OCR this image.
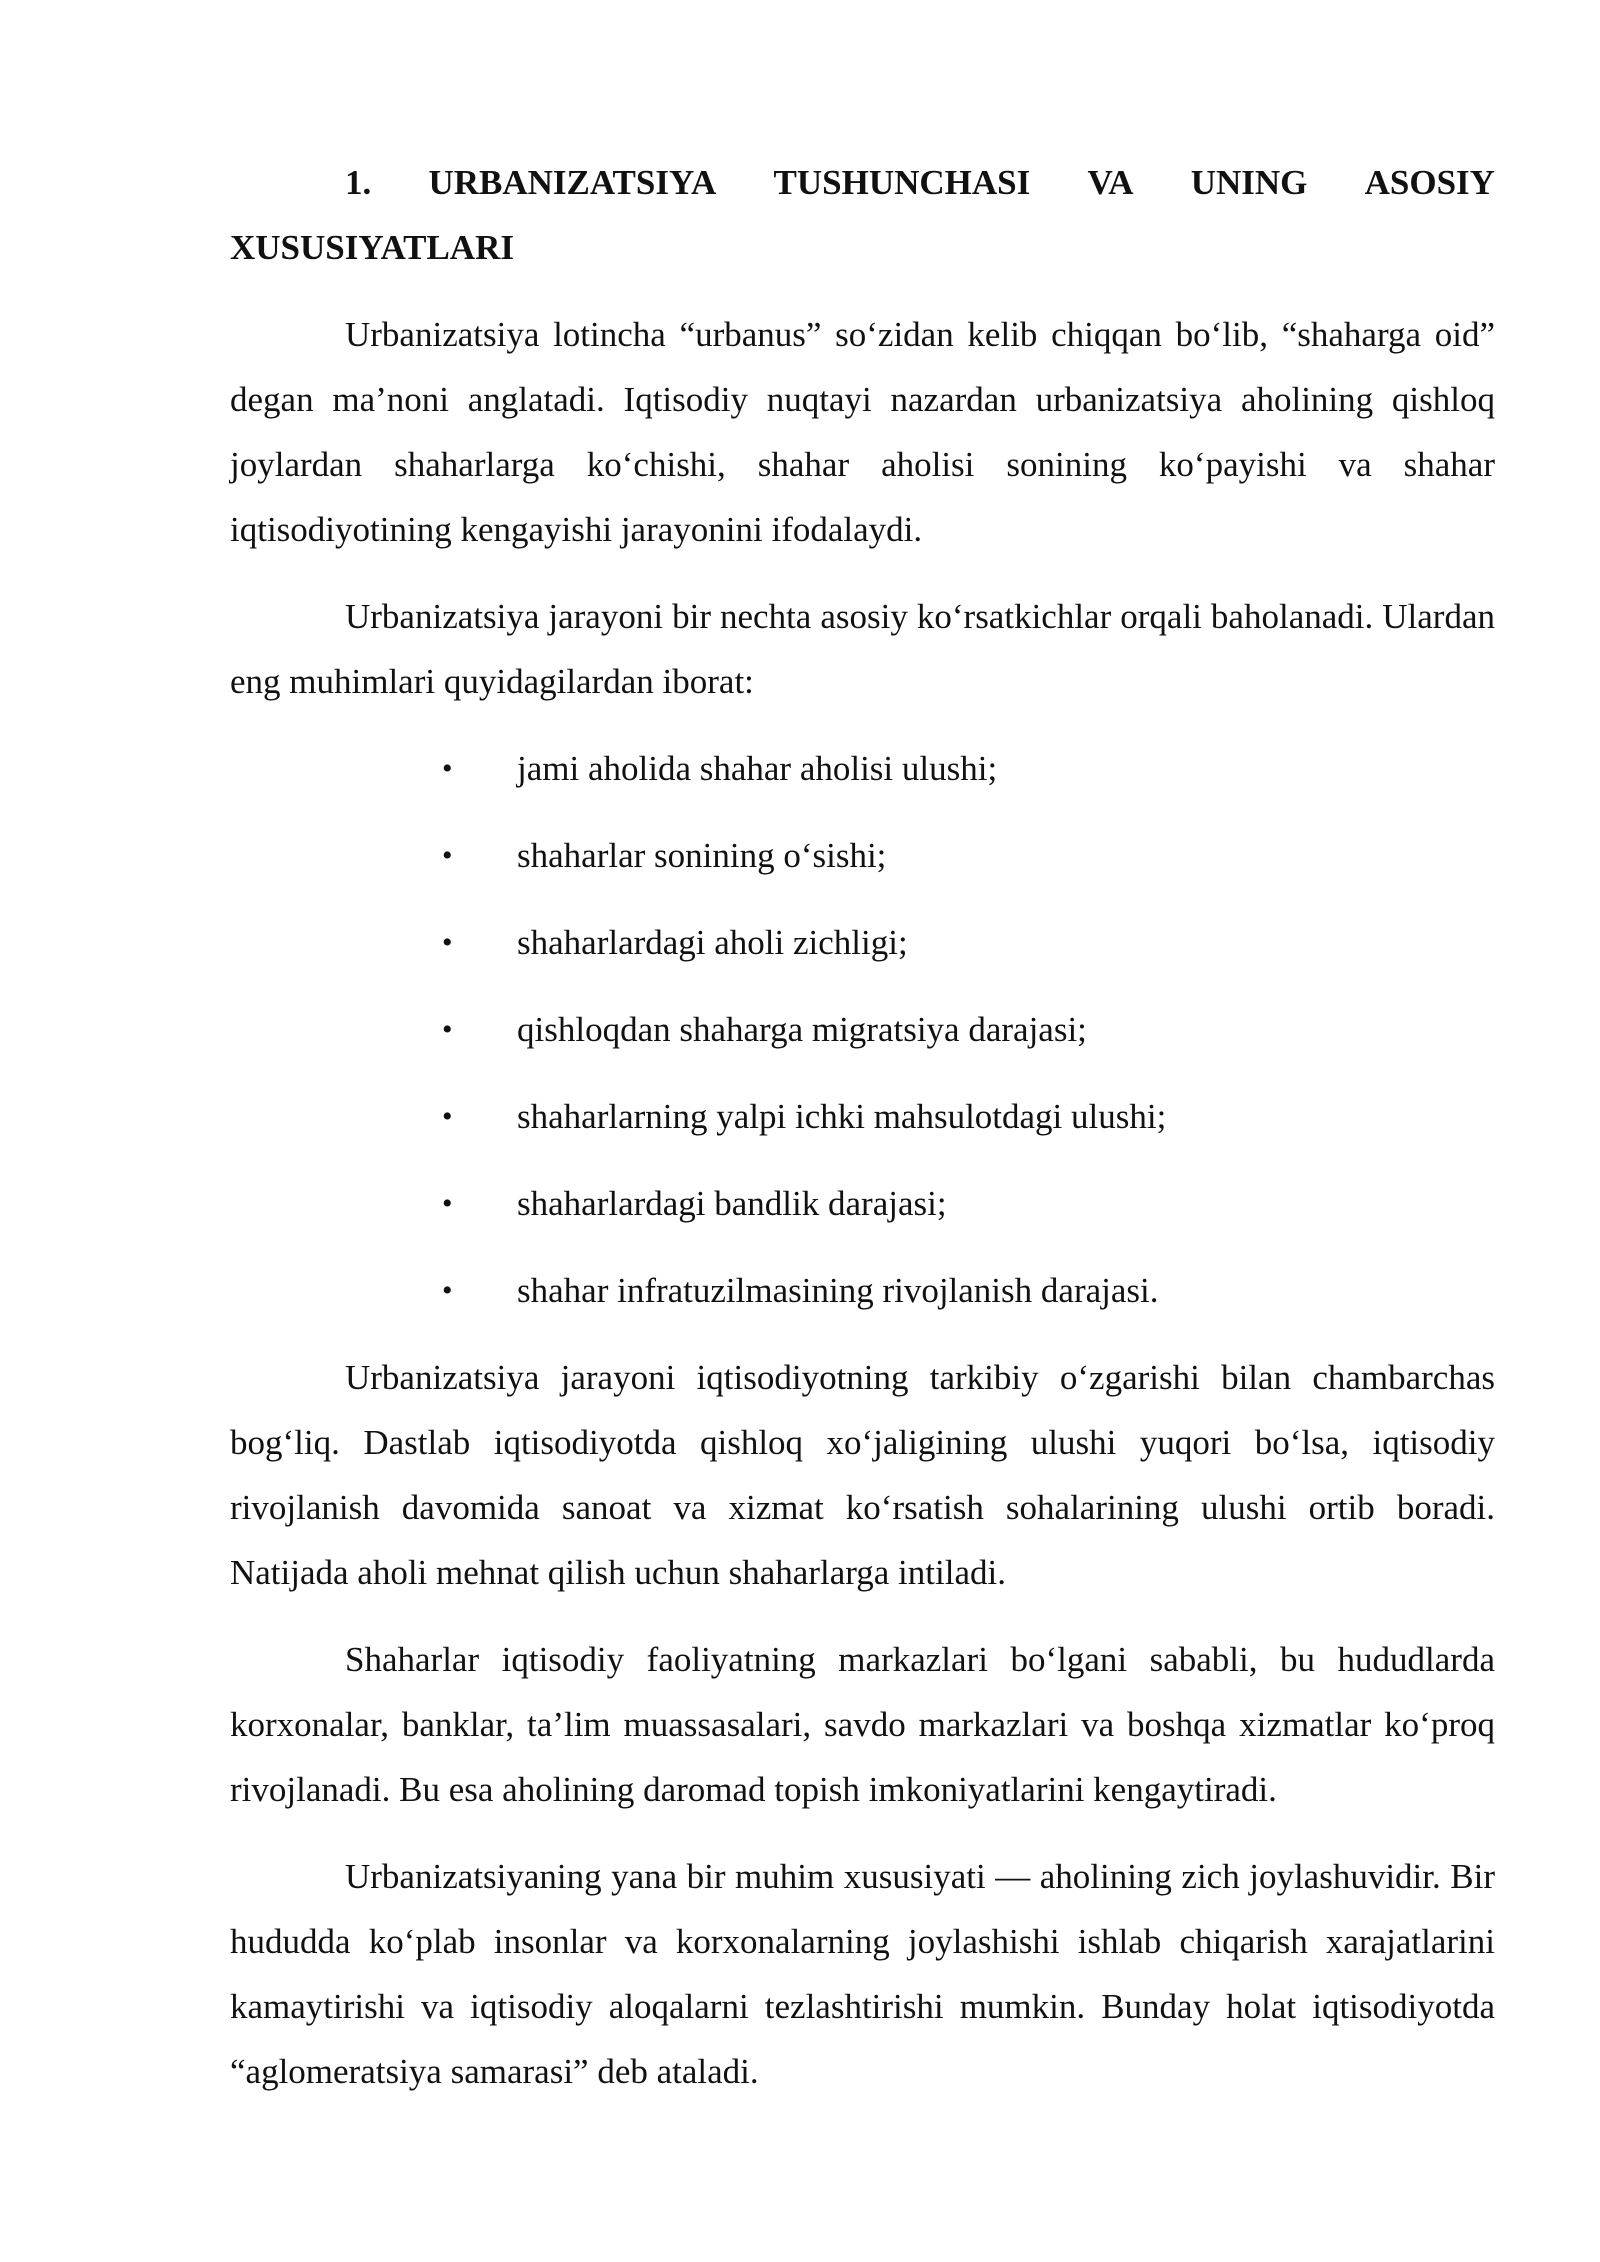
1. URBANIZATSIYA TUSHUNCHASI VA UNING ASOSIY
XUSUSIYATLARI

Urbanizatsiya lotincha “urbanus” so‘zidan kelib chiqqan bo‘lib, “shaharga oid” degan ma’noni anglatadi. Iqtisodiy nuqtayi nazardan urbanizatsiya aholining qishloq joylardan shaharlarga ko‘chishi, shahar aholisi sonining ko‘payishi va shahar iqtisodiyotining kengayishi jarayonini ifodalaydi.

Urbanizatsiya jarayoni bir nechta asosiy ko‘rsatkichlar orqali baholanadi. Ulardan eng muhimlari quyidagilardan iborat:

• jami aholida shahar aholisi ulushi;
• shaharlar sonining o‘sishi;
• shaharlardagi aholi zichligi;
• qishloqdan shaharga migratsiya darajasi;
• shaharlarning yalpi ichki mahsulotdagi ulushi;
• shaharlardagi bandlik darajasi;
• shahar infratuzilmasining rivojlanish darajasi.

Urbanizatsiya jarayoni iqtisodiyotning tarkibiy o‘zgarishi bilan chambarchas bog‘liq. Dastlab iqtisodiyotda qishloq xo‘jaligining ulushi yuqori bo‘lsa, iqtisodiy rivojlanish davomida sanoat va xizmat ko‘rsatish sohalarining ulushi ortib boradi. Natijada aholi mehnat qilish uchun shaharlarga intiladi.

Shaharlar iqtisodiy faoliyatning markazlari bo‘lgani sababli, bu hududlarda korxonalar, banklar, ta’lim muassasalari, savdo markazlari va boshqa xizmatlar ko‘proq rivojlanadi. Bu esa aholining daromad topish imkoniyatlarini kengaytiradi.

Urbanizatsiyaning yana bir muhim xususiyati — aholining zich joylashuvidir. Bir hududda ko‘plab insonlar va korxonalarning joylashishi ishlab chiqarish xarajatlarini kamaytirishi va iqtisodiy aloqalarni tezlashtirishi mumkin. Bunday holat iqtisodiyotda “aglomeratsiya samarasi” deb ataladi.
